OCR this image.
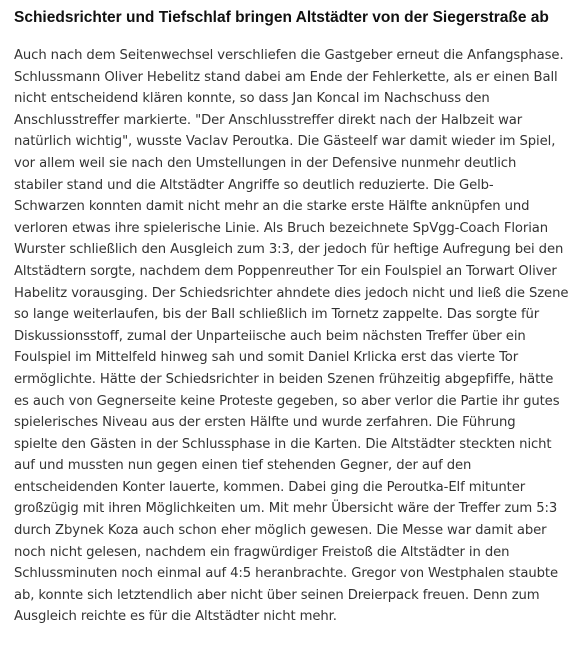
Schiedsrichter und Tiefschlaf bringen Altstädter von der Siegerstraße ab

Auch nach dem Seitenwechsel verschliefen die Gastgeber erneut die Anfangsphase.
Schlussmann Oliver Hebelitz stand dabei am Ende der Fehlerkette, als er einen Ball
nicht entscheidend klären konnte, so dass Jan Koncal im Nachschuss den
Anschlusstreffer markierte. "Der Anschlusstreffer direkt nach der Halbzeit war
natürlich wichtig", wusste Vaclav Peroutka. Die Gästeelf war damit wieder im Spiel,
vor allem weil sie nach den Umstellungen in der Defensive nunmehr deutlich
stabiler stand und die Altstädter Angriffe so deutlich reduzierte. Die Gelb-
Schwarzen konnten damit nicht mehr an die starke erste Hälfte anknüpfen und
verloren etwas ihre spielerische Linie. Als Bruch bezeichnete SpVgg-Coach Florian
Wurster schließlich den Ausgleich zum 3:3, der jedoch für heftige Aufregung bei den
Altstädtern sorgte, nachdem dem Poppenreuther Tor ein Foulspiel an Torwart Oliver
Habelitz vorausging. Der Schiedsrichter ahndete dies jedoch nicht und ließ die Szene
so lange weiterlaufen, bis der Ball schließlich im Tornetz zappelte. Das sorgte für
Diskussionsstoff, zumal der Unparteiische auch beim nächsten Treffer über ein
Foulspiel im Mittelfeld hinweg sah und somit Daniel Krlicka erst das vierte Tor
ermöglichte. Hätte der Schiedsrichter in beiden Szenen frühzeitig abgepfiffe, hätte
es auch von Gegnerseite keine Proteste gegeben, so aber verlor die Partie ihr gutes
spielerisches Niveau aus der ersten Hälfte und wurde zerfahren. Die Führung
spielte den Gästen in der Schlussphase in die Karten. Die Altstädter steckten nicht
auf und mussten nun gegen einen tief stehenden Gegner, der auf den
entscheidenden Konter lauerte, kommen. Dabei ging die Peroutka-Elf mitunter
großzügig mit ihren Möglichkeiten um. Mit mehr Übersicht wäre der Treffer zum 5:3
durch Zbynek Koza auch schon eher möglich gewesen. Die Messe war damit aber
noch nicht gelesen, nachdem ein fragwürdiger Freistoß die Altstädter in den
Schlussminuten noch einmal auf 4:5 heranbrachte. Gregor von Westphalen staubte
ab, konnte sich letztendlich aber nicht über seinen Dreierpack freuen. Denn zum
Ausgleich reichte es für die Altstädter nicht mehr.
